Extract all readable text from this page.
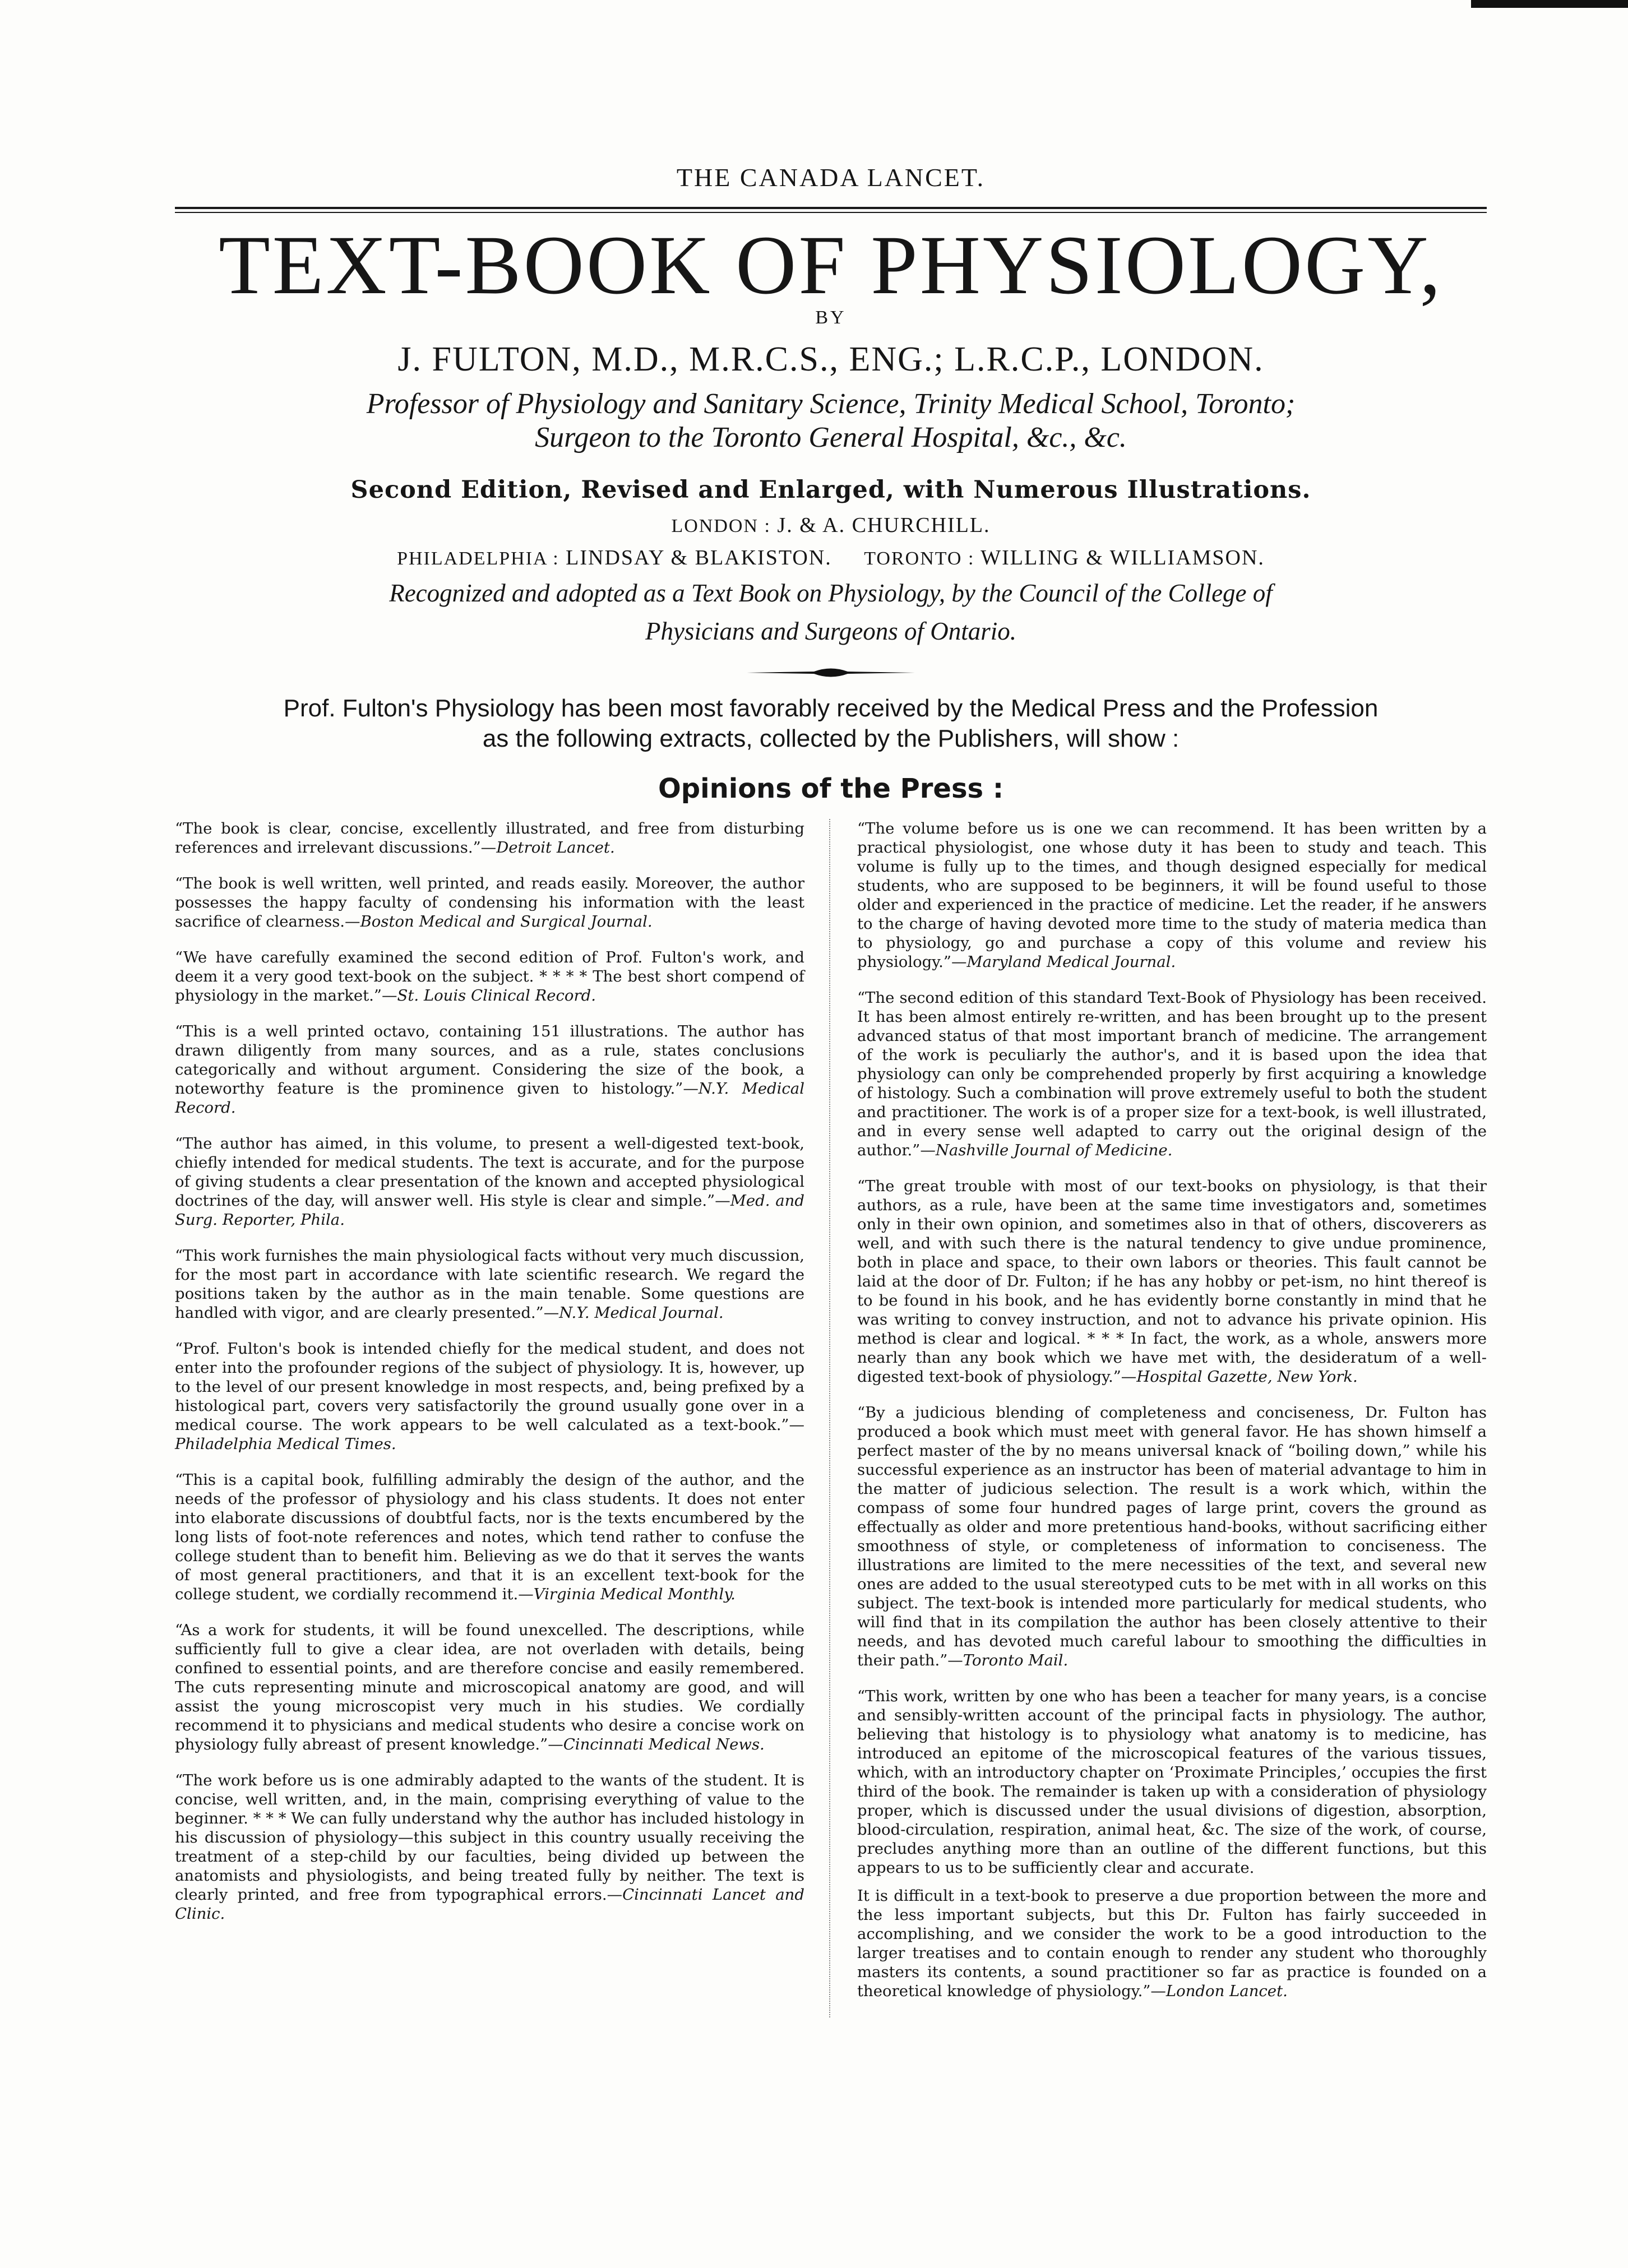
THE CANADA LANCET.
TEXT-BOOK OF PHYSIOLOGY,
BY
J. FULTON, M.D., M.R.C.S., ENG.; L.R.C.P., LONDON.

Professor of Physiology and Sanitary Science, Trinity Medical School, Toronto;

Surgeon to the Toronto General Hospital, &c., &c.

Second Edition, Revised and Enlarged, with Numerous Illustrations.
LONDON : J. & A. CHURCHILL.
PHILADELPHIA : LINDSAY & BLAKISTON. TORONTO : WILLING & WILLIAMSON.

Recognized and adopted as a Text Book on Physiology, by the Council of the College of

Physicians and Surgeons of Ontario.

Prof. Fulton's Physiology has been most favorably received by the Medical Press and the Profession
as the following extracts, collected by the Publishers, will show :
Opinions of the Press :

“The book is clear, concise, excellently illustrated, and free from disturbing references and irrelevant discussions.”—Detroit Lancet.

“The book is well written, well printed, and reads easily. Moreover, the author possesses the happy faculty of condensing his information with the least sacrifice of clearness.—Boston Medical and Surgical Journal.

“We have carefully examined the second edition of Prof. Fulton's work, and deem it a very good text-book on the subject. * * * * The best short compend of physiology in the market.”—St. Louis Clinical Record.

“This is a well printed octavo, containing 151 illustrations. The author has drawn diligently from many sources, and as a rule, states conclusions categorically and without argument. Considering the size of the book, a noteworthy feature is the prominence given to histology.”—N.Y. Medical Record.

“The author has aimed, in this volume, to present a well-digested text-book, chiefly intended for medical students. The text is accurate, and for the purpose of giving students a clear presentation of the known and accepted physiological doctrines of the day, will answer well. His style is clear and simple.”—Med. and Surg. Reporter, Phila.

“This work furnishes the main physiological facts without very much discussion, for the most part in accordance with late scientific research. We regard the positions taken by the author as in the main tenable. Some questions are handled with vigor, and are clearly presented.”—N.Y. Medical Journal.

“Prof. Fulton's book is intended chiefly for the medical student, and does not enter into the profounder regions of the subject of physiology. It is, however, up to the level of our present knowledge in most respects, and, being prefixed by a histological part, covers very satisfactorily the ground usually gone over in a medical course. The work appears to be well calculated as a text-book.”—Philadelphia Medical Times.

“This is a capital book, fulfilling admirably the design of the author, and the needs of the professor of physiology and his class students. It does not enter into elaborate discussions of doubtful facts, nor is the texts encumbered by the long lists of foot-note references and notes, which tend rather to confuse the college student than to benefit him. Believing as we do that it serves the wants of most general practitioners, and that it is an excellent text-book for the college student, we cordially recommend it.—Virginia Medical Monthly.

“As a work for students, it will be found unexcelled. The descriptions, while sufficiently full to give a clear idea, are not overladen with details, being confined to essential points, and are therefore concise and easily remembered. The cuts representing minute and microscopical anatomy are good, and will assist the young microscopist very much in his studies. We cordially recommend it to physicians and medical students who desire a concise work on physiology fully abreast of present knowledge.”—Cincinnati Medical News.

“The work before us is one admirably adapted to the wants of the student. It is concise, well written, and, in the main, comprising everything of value to the beginner. * * * We can fully understand why the author has included histology in his discussion of physiology—this subject in this country usually receiving the treatment of a step-child by our faculties, being divided up between the anatomists and physiologists, and being treated fully by neither. The text is clearly printed, and free from typographical errors.—Cincinnati Lancet and Clinic.

“The volume before us is one we can recommend. It has been written by a practical physiologist, one whose duty it has been to study and teach. This volume is fully up to the times, and though designed especially for medical students, who are supposed to be beginners, it will be found useful to those older and experienced in the practice of medicine. Let the reader, if he answers to the charge of having devoted more time to the study of materia medica than to physiology, go and purchase a copy of this volume and review his physiology.”—Maryland Medical Journal.

“The second edition of this standard Text-Book of Physiology has been received. It has been almost entirely re-written, and has been brought up to the present advanced status of that most important branch of medicine. The arrangement of the work is peculiarly the author's, and it is based upon the idea that physiology can only be comprehended properly by first acquiring a knowledge of histology. Such a combination will prove extremely useful to both the student and practitioner. The work is of a proper size for a text-book, is well illustrated, and in every sense well adapted to carry out the original design of the author.”—Nashville Journal of Medicine.

“The great trouble with most of our text-books on physiology, is that their authors, as a rule, have been at the same time investigators and, sometimes only in their own opinion, and sometimes also in that of others, discoverers as well, and with such there is the natural tendency to give undue prominence, both in place and space, to their own labors or theories. This fault cannot be laid at the door of Dr. Fulton; if he has any hobby or pet-ism, no hint thereof is to be found in his book, and he has evidently borne constantly in mind that he was writing to convey instruction, and not to advance his private opinion. His method is clear and logical. * * * In fact, the work, as a whole, answers more nearly than any book which we have met with, the desideratum of a well-digested text-book of physiology.”—Hospital Gazette, New York.

“By a judicious blending of completeness and conciseness, Dr. Fulton has produced a book which must meet with general favor. He has shown himself a perfect master of the by no means universal knack of “boiling down,” while his successful experience as an instructor has been of material advantage to him in the matter of judicious selection. The result is a work which, within the compass of some four hundred pages of large print, covers the ground as effectually as older and more pretentious hand-books, without sacrificing either smoothness of style, or completeness of information to conciseness. The illustrations are limited to the mere necessities of the text, and several new ones are added to the usual stereotyped cuts to be met with in all works on this subject. The text-book is intended more particularly for medical students, who will find that in its compilation the author has been closely attentive to their needs, and has devoted much careful labour to smoothing the difficulties in their path.”—Toronto Mail.

“This work, written by one who has been a teacher for many years, is a concise and sensibly-written account of the principal facts in physiology. The author, believing that histology is to physiology what anatomy is to medicine, has introduced an epitome of the microscopical features of the various tissues, which, with an introductory chapter on ‘Proximate Principles,’ occupies the first third of the book. The remainder is taken up with a consideration of physiology proper, which is discussed under the usual divisions of digestion, absorption, blood-circulation, respiration, animal heat, &c. The size of the work, of course, precludes anything more than an outline of the different functions, but this appears to us to be sufficiently clear and accurate.

It is difficult in a text-book to preserve a due proportion between the more and the less important subjects, but this Dr. Fulton has fairly succeeded in accomplishing, and we consider the work to be a good introduction to the larger treatises and to contain enough to render any student who thoroughly masters its contents, a sound practitioner so far as practice is founded on a theoretical knowledge of physiology.”—London Lancet.
